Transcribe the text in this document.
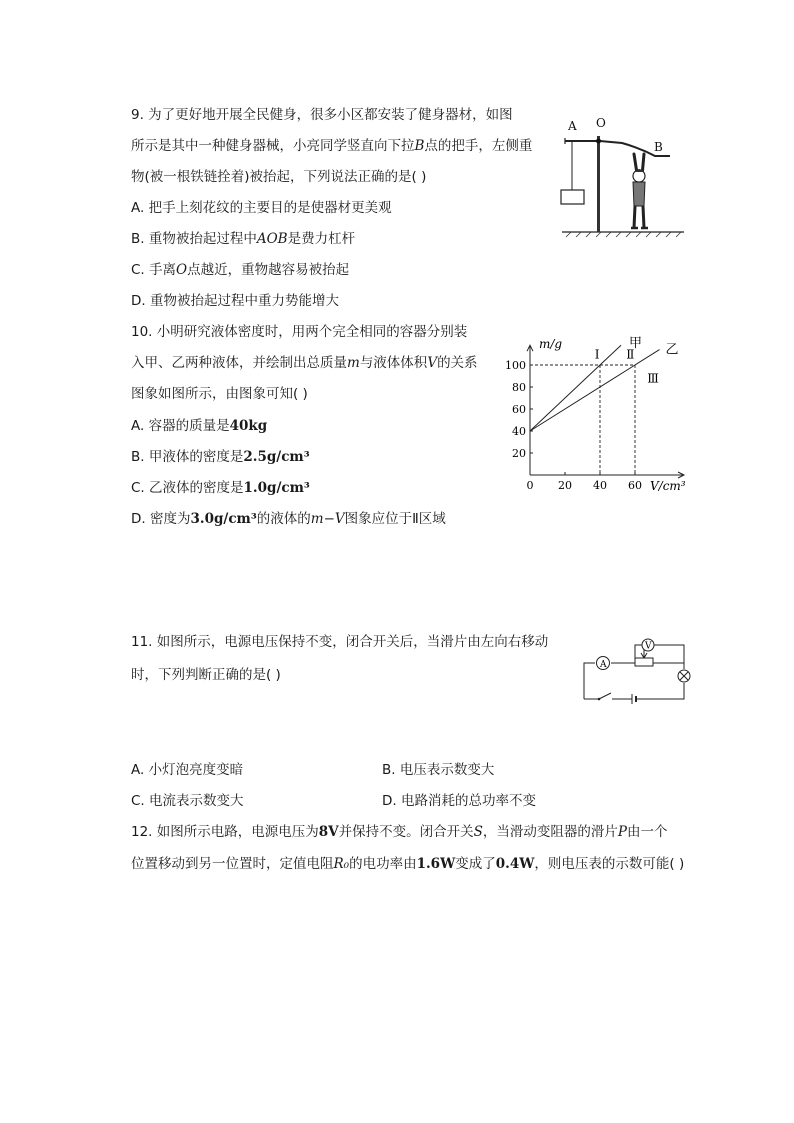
9. 为了更好地开展全民健身，很多小区都安装了健身器材，如图
所示是其中一种健身器械，小亮同学竖直向下拉B点的把手，左侧重
物(被一根铁链拴着)被抬起，下列说法正确的是( )
A. 把手上刻花纹的主要目的是使器材更美观
B. 重物被抬起过程中AOB是费力杠杆
C. 手离O点越近，重物越容易被抬起
D. 重物被抬起过程中重力势能增大
A O
B
10. 小明研究液体密度时，用两个完全相同的容器分别装
入甲、乙两种液体，并绘制出总质量m与液体体积V的关系
图象如图所示，由图象可知( )
A. 容器的质量是40kg
B. 甲液体的密度是2.5g/cm³
C. 乙液体的密度是1.0g/cm³
D. 密度为3.0g/cm³的液体的m−V图象应位于Ⅱ区域
甲 乙
Ⅰ Ⅱ
Ⅲ
0 20 40 60
20
40
60
80
100
m/g
V/cm³
11. 如图所示，电源电压保持不变，闭合开关后，当滑片由左向右移动
时，下列判断正确的是( )
A
V
A. 小灯泡亮度变暗	B. 电压表示数变大
C. 电流表示数变大	D. 电路消耗的总功率不变
12. 如图所示电路，电源电压为8V并保持不变。闭合开关S，当滑动变阻器的滑片P由一个
位置移动到另一位置时，定值电阻R₀的电功率由1.6W变成了0.4W，则电压表的示数可能( )
